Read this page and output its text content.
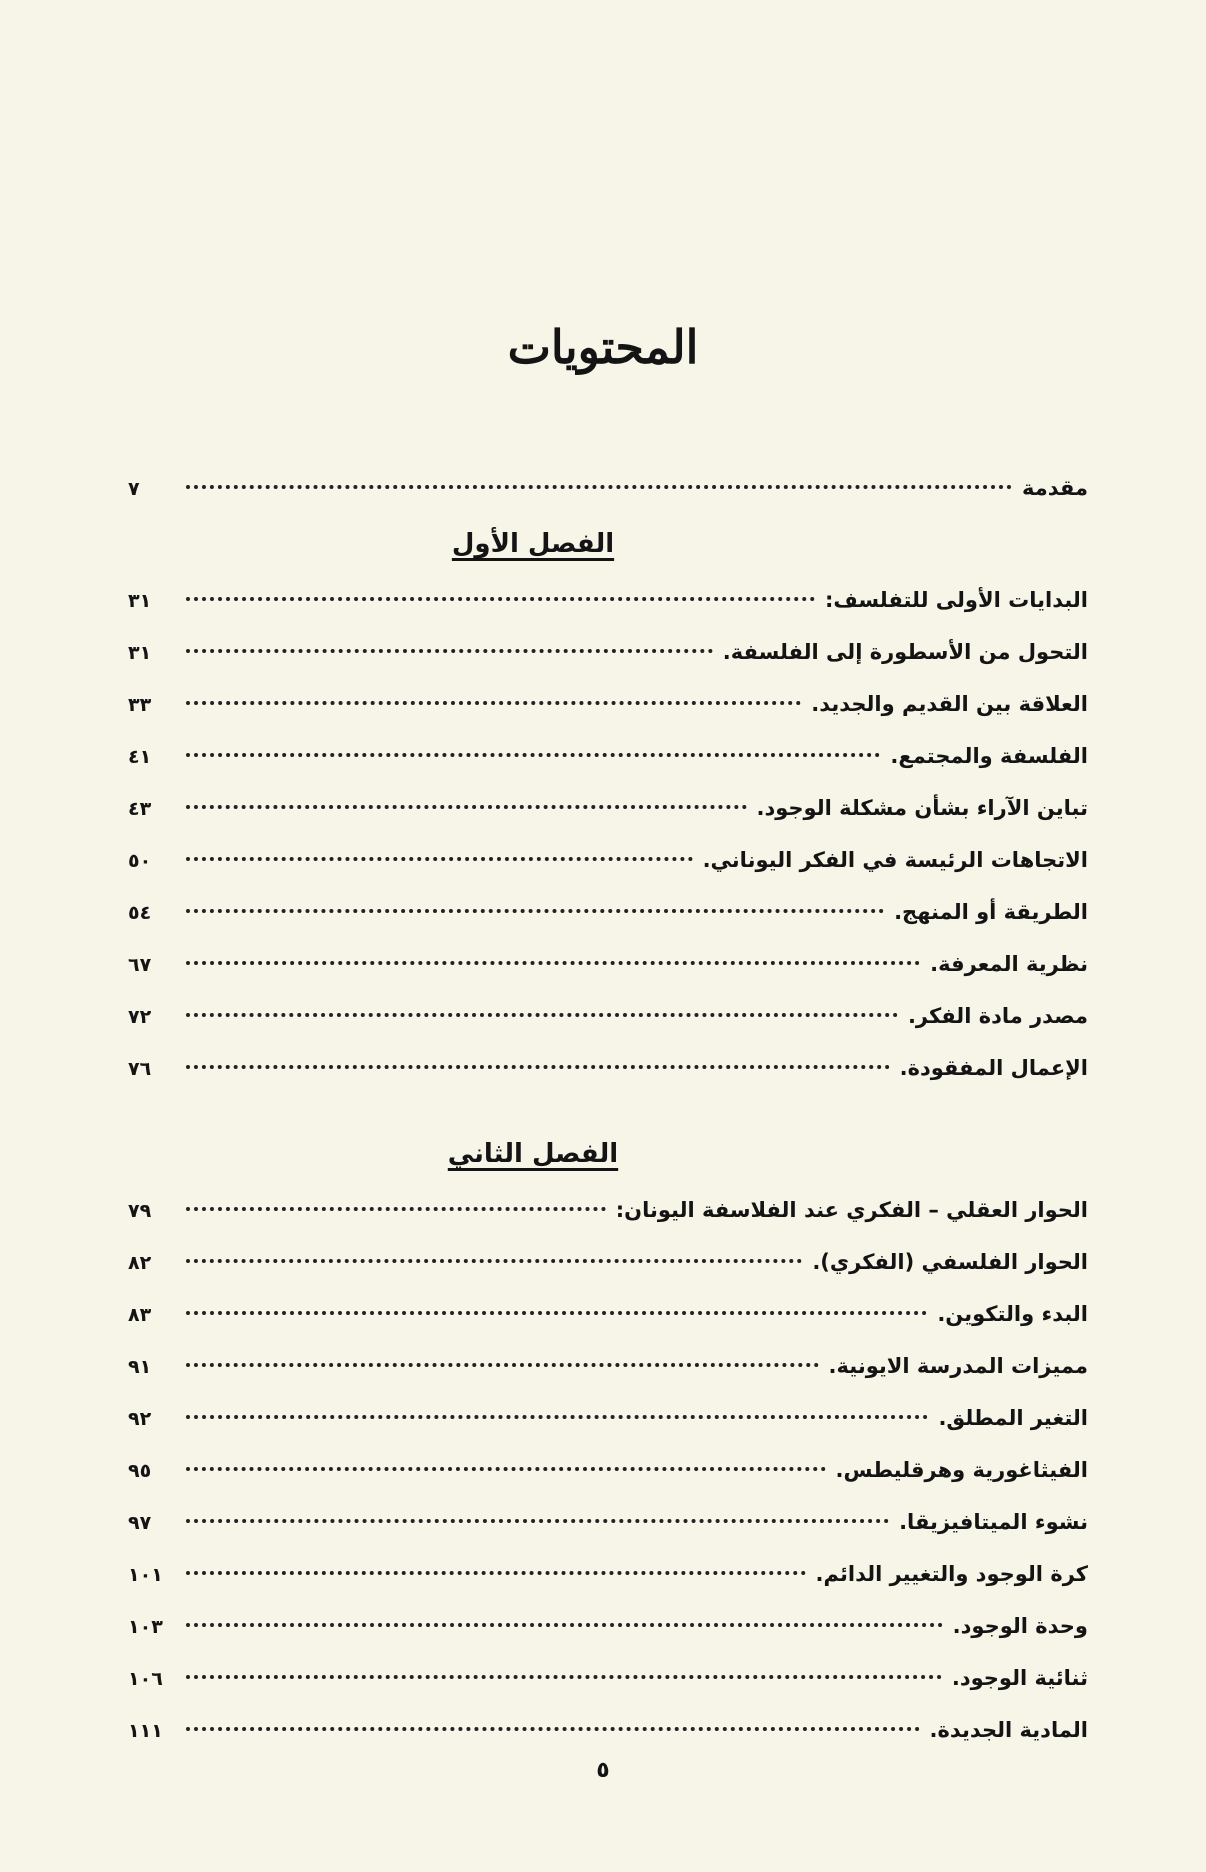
المحتويات
مقدمة
٧
الفصل الأول
البدايات الأولى للتفلسف:
٣١
التحول من الأسطورة إلى الفلسفة.
٣١
العلاقة بين القديم والجديد.
٣٣
الفلسفة والمجتمع.
٤١
تباين الآراء بشأن مشكلة الوجود.
٤٣
الاتجاهات الرئيسة في الفكر اليوناني.
٥٠
الطريقة أو المنهج.
٥٤
نظرية المعرفة.
٦٧
مصدر مادة الفكر.
٧٢
الإعمال المفقودة.
٧٦
الفصل الثاني
الحوار العقلي – الفكري عند الفلاسفة اليونان:
٧٩
الحوار الفلسفي (الفكري).
٨٢
البدء والتكوين.
٨٣
مميزات المدرسة الايونية.
٩١
التغير المطلق.
٩٢
الفيثاغورية وهرقليطس.
٩٥
نشوء الميتافيزيقا.
٩٧
كرة الوجود والتغيير الدائم.
١٠١
وحدة الوجود.
١٠٣
ثنائية الوجود.
١٠٦
المادية الجديدة.
١١١
٥
